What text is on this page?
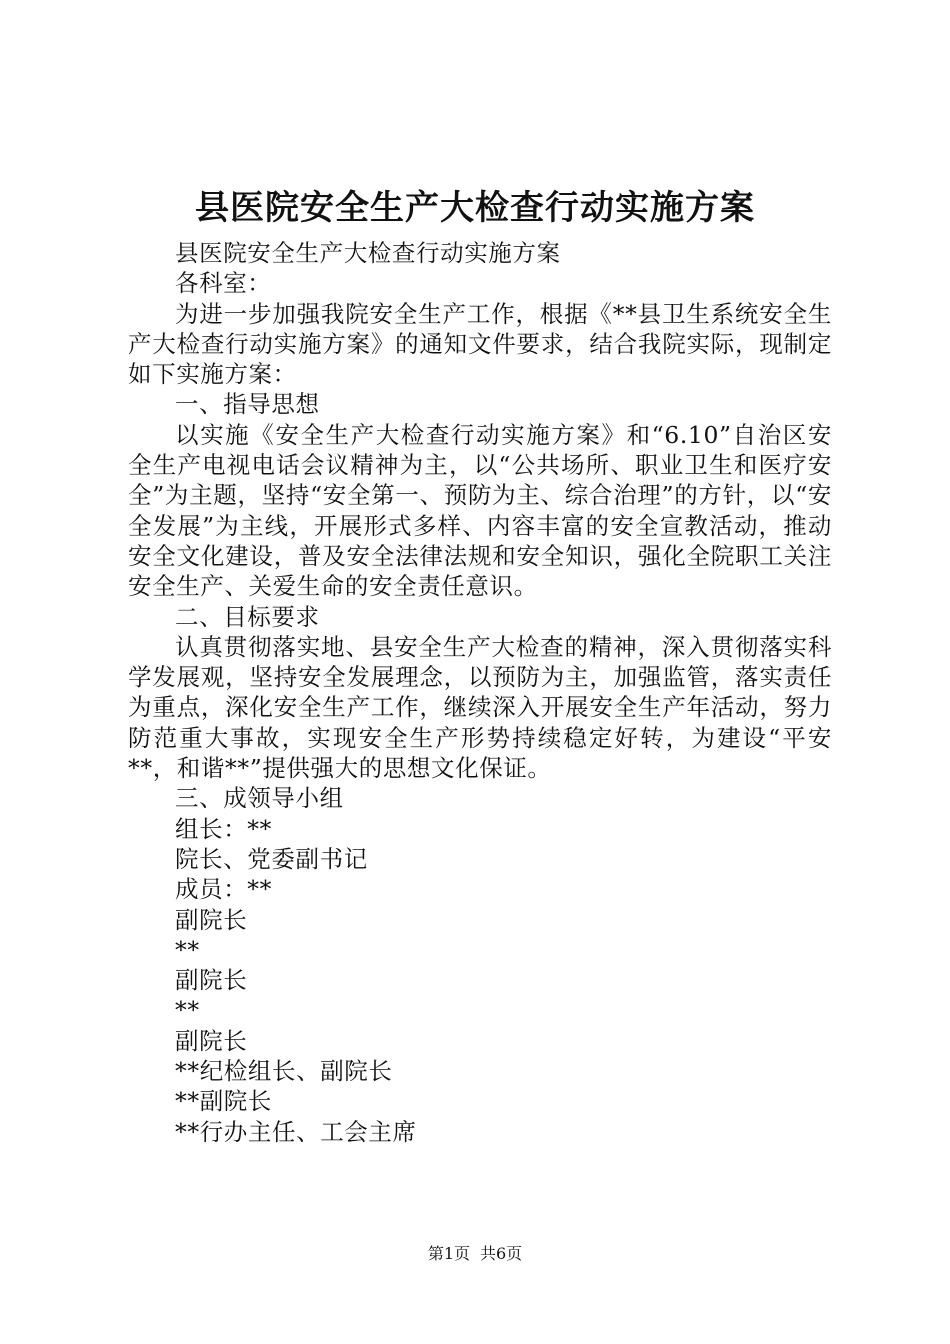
县医院安全生产大检查行动实施方案

县医院安全生产大检查行动实施方案

各科室：

为进一步加强我院安全生产工作，根据《**县卫生系统安全生产大检查行动实施方案》的通知文件要求，结合我院实际，现制定如下实施方案：

一、指导思想

以实施《安全生产大检查行动实施方案》和“6.10”自治区安全生产电视电话会议精神为主，以“公共场所、职业卫生和医疗安全”为主题，坚持“安全第一、预防为主、综合治理”的方针，以“安全发展”为主线，开展形式多样、内容丰富的安全宣教活动，推动安全文化建设，普及安全法律法规和安全知识，强化全院职工关注安全生产、关爱生命的安全责任意识。

二、目标要求

认真贯彻落实地、县安全生产大检查的精神，深入贯彻落实科学发展观，坚持安全发展理念，以预防为主，加强监管，落实责任为重点，深化安全生产工作，继续深入开展安全生产年活动，努力防范重大事故，实现安全生产形势持续稳定好转，为建设“平安**，和谐**”提供强大的思想文化保证。

三、成领导小组

组长：**

院长、党委副书记

成员：**

副院长

**

副院长

**

副院长

**纪检组长、副院长

**副院长

**行办主任、工会主席

第1页 共6页
